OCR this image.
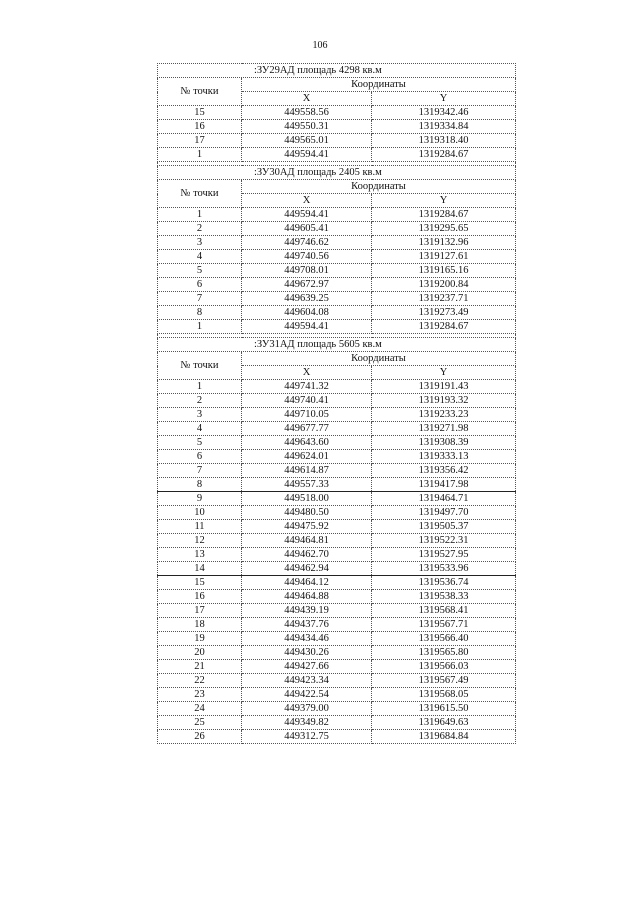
106
:ЗУ29АД площадь 4298 кв.м		
№ точки	Координаты	
	X	Y
15	449558.56	1319342.46
16	449550.31	1319334.84
17	449565.01	1319318.40
1	449594.41	1319284.67

:ЗУ30АД площадь 2405 кв.м		
№ точки	Координаты	
	X	Y
1	449594.41	1319284.67
2	449605.41	1319295.65
3	449746.62	1319132.96
4	449740.56	1319127.61
5	449708.01	1319165.16
6	449672.97	1319200.84
7	449639.25	1319237.71
8	449604.08	1319273.49
1	449594.41	1319284.67

:ЗУ31АД площадь 5605 кв.м		
№ точки	Координаты	
	X	Y
1	449741.32	1319191.43
2	449740.41	1319193.32
3	449710.05	1319233.23
4	449677.77	1319271.98
5	449643.60	1319308.39
6	449624.01	1319333.13
7	449614.87	1319356.42
8	449557.33	1319417.98
9	449518.00	1319464.71
10	449480.50	1319497.70
11	449475.92	1319505.37
12	449464.81	1319522.31
13	449462.70	1319527.95
14	449462.94	1319533.96
15	449464.12	1319536.74
16	449464.88	1319538.33
17	449439.19	1319568.41
18	449437.76	1319567.71
19	449434.46	1319566.40
20	449430.26	1319565.80
21	449427.66	1319566.03
22	449423.34	1319567.49
23	449422.54	1319568.05
24	449379.00	1319615.50
25	449349.82	1319649.63
26	449312.75	1319684.84
